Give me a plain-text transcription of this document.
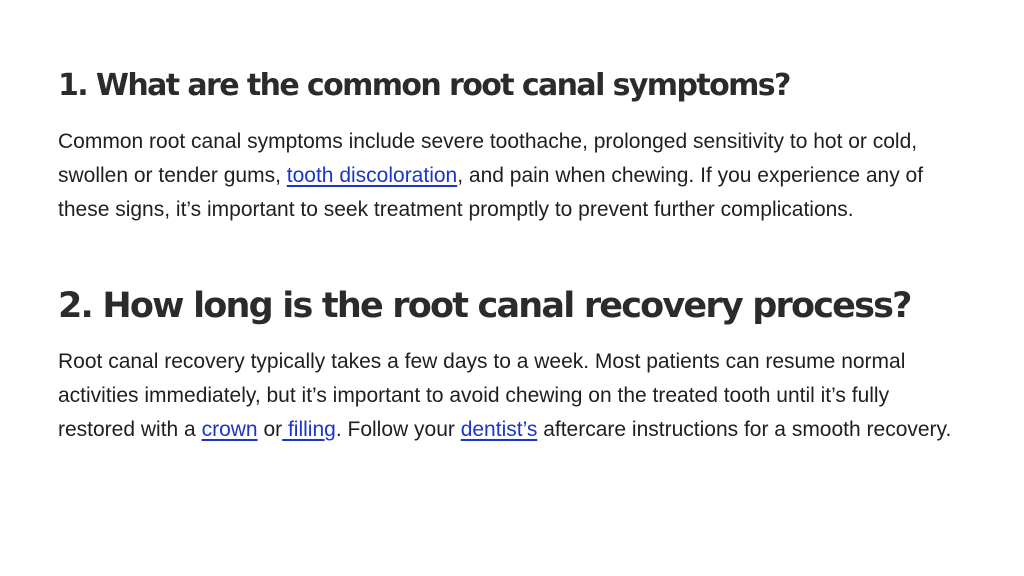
1. What are the common root canal symptoms?

Common root canal symptoms include severe toothache, prolonged sensitivity to hot or cold, swollen or tender gums, tooth discoloration, and pain when chewing. If you experience any of these signs, it’s important to seek treatment promptly to prevent further complications.

2. How long is the root canal recovery process?

Root canal recovery typically takes a few days to a week. Most patients can resume normal activities immediately, but it’s important to avoid chewing on the treated tooth until it’s fully restored with a crown or filling. Follow your dentist’s aftercare instructions for a smooth recovery.
